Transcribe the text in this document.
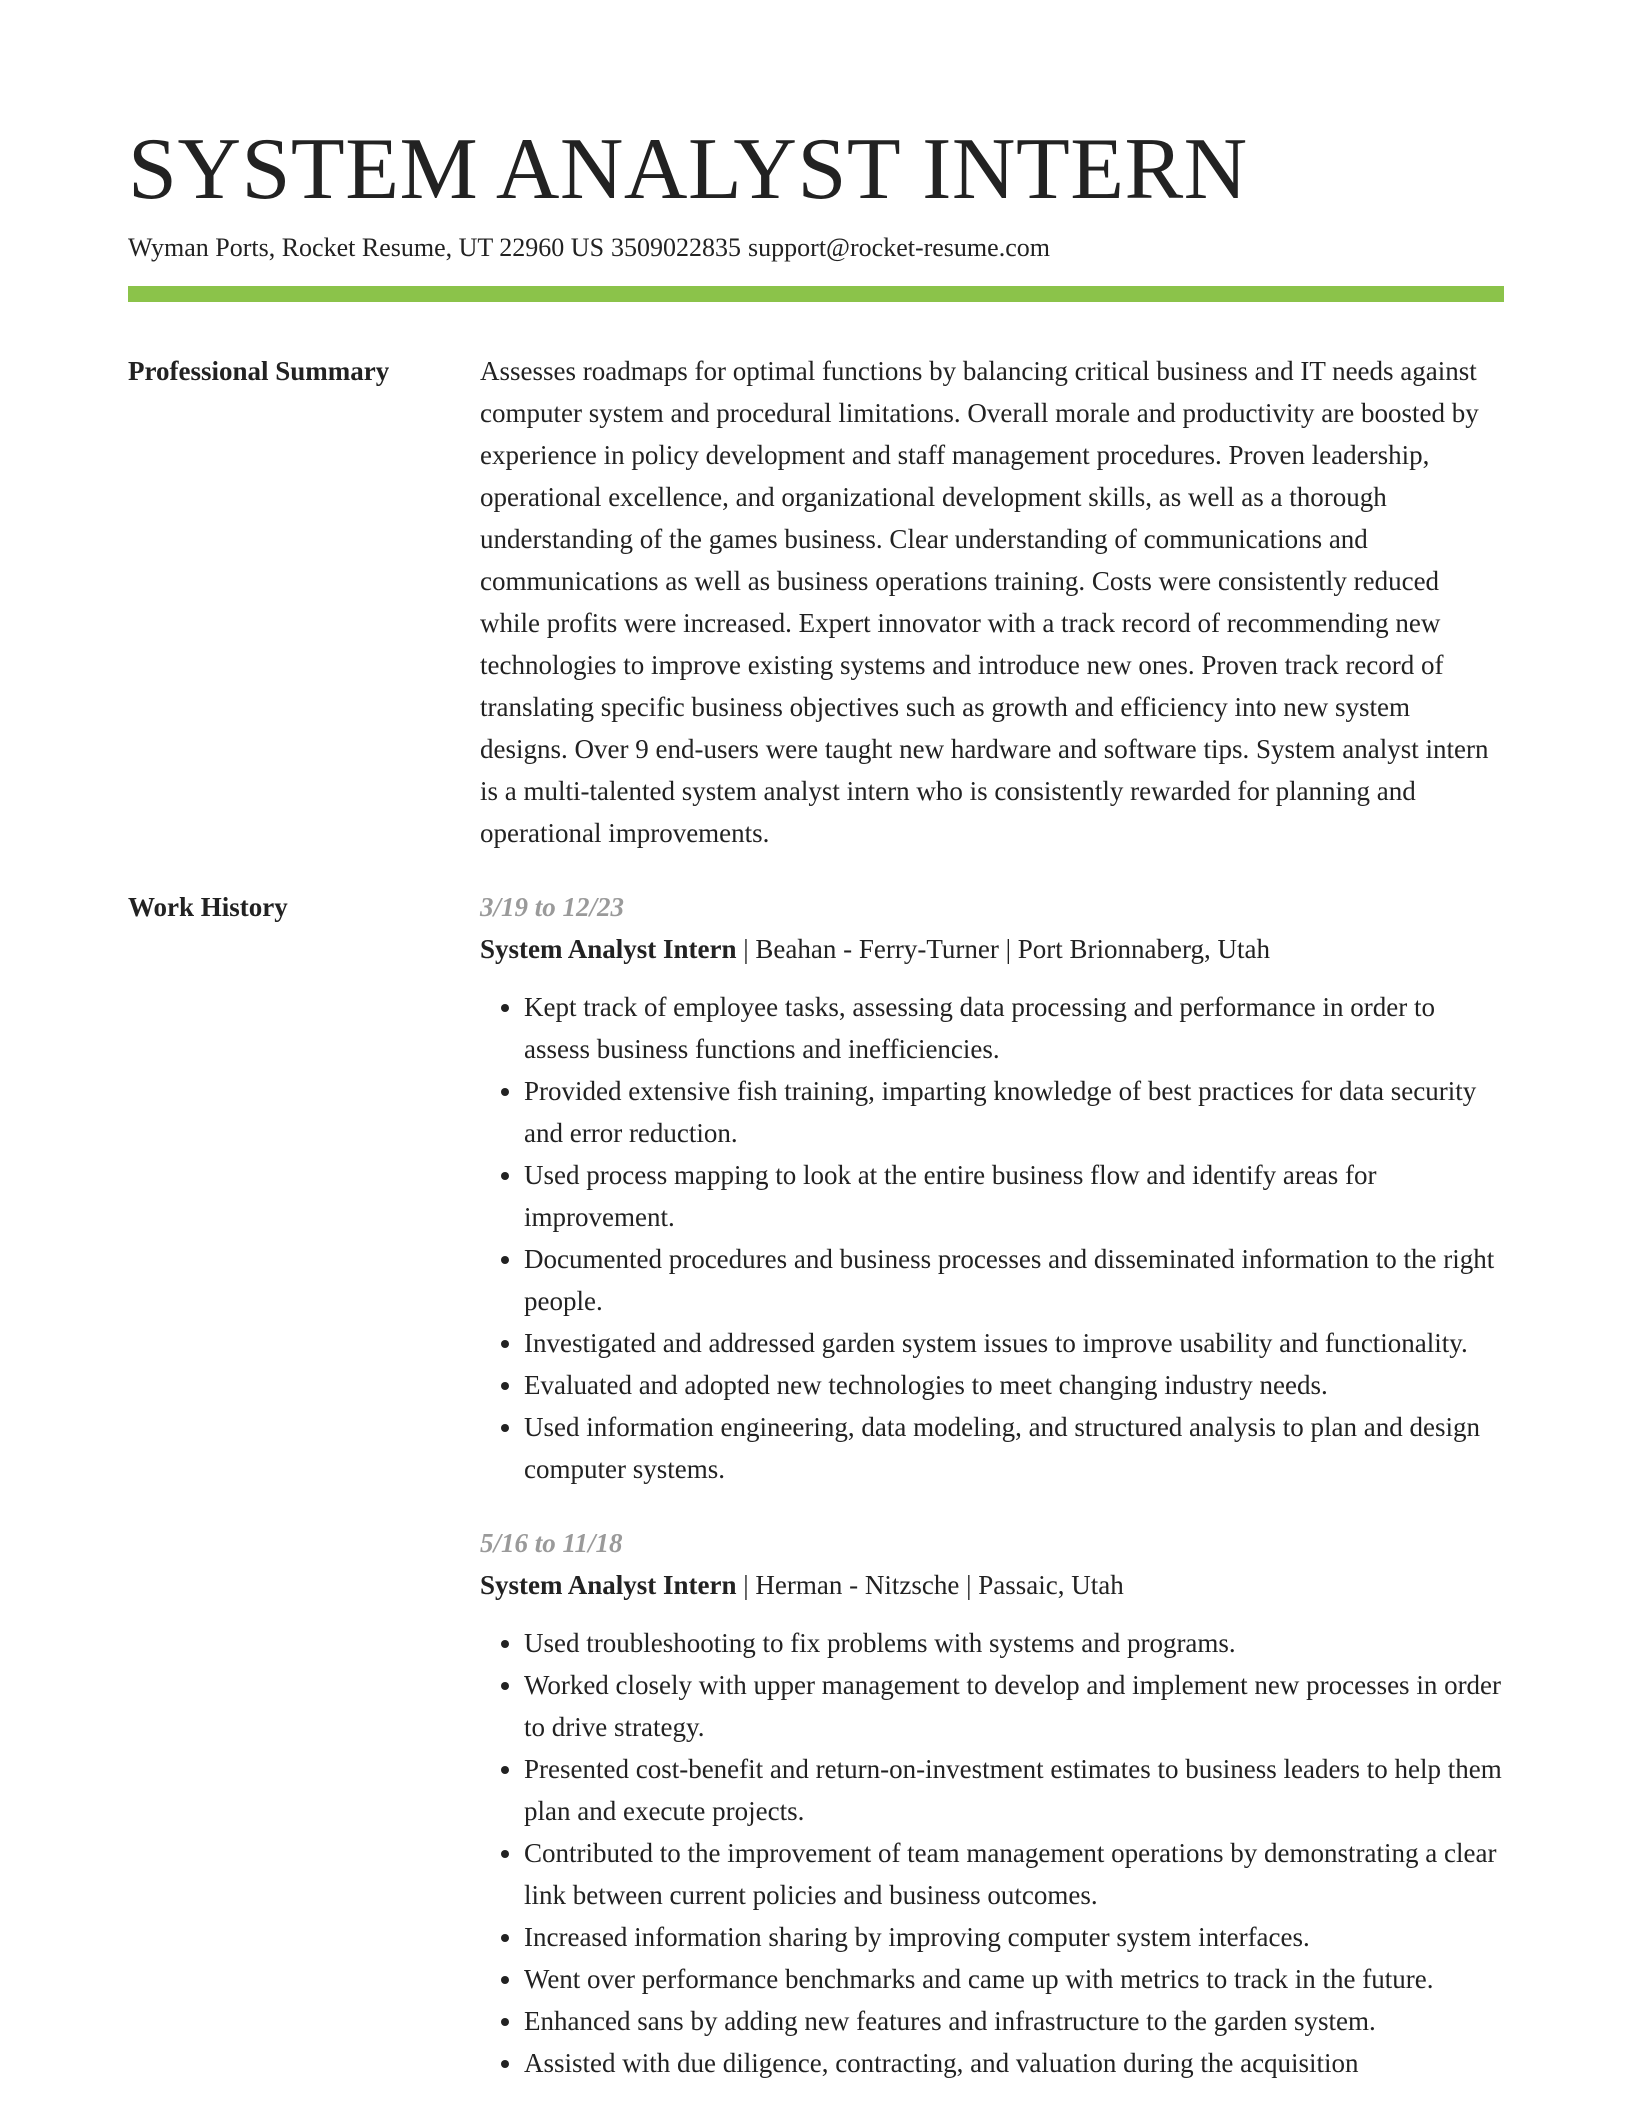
SYSTEM ANALYST INTERN
Wyman Ports, Rocket Resume, UT 22960 US 3509022835 support@rocket-resume.com
Professional Summary	Assesses roadmaps for optimal functions by balancing critical business and IT needs against computer system and procedural limitations. Overall morale and productivity are boosted by experience in policy development and staff management procedures. Proven leadership, operational excellence, and organizational development skills, as well as a thorough understanding of the games business. Clear understanding of communications and communications as well as business operations training. Costs were consistently reduced while profits were increased. Expert innovator with a track record of recommending new technologies to improve existing systems and introduce new ones. Proven track record of translating specific business objectives such as growth and efficiency into new system designs. Over 9 end-users were taught new hardware and software tips. System analyst intern is a multi-talented system analyst intern who is consistently rewarded for planning and operational improvements.

Work History	3/19 to 12/23
System Analyst Intern | Beahan - Ferry-Turner | Port Brionnaberg, Utah
• Kept track of employee tasks, assessing data processing and performance in order to assess business functions and inefficiencies.
• Provided extensive fish training, imparting knowledge of best practices for data security and error reduction.
• Used process mapping to look at the entire business flow and identify areas for improvement.
• Documented procedures and business processes and disseminated information to the right people.
• Investigated and addressed garden system issues to improve usability and functionality.
• Evaluated and adopted new technologies to meet changing industry needs.
• Used information engineering, data modeling, and structured analysis to plan and design computer systems.
5/16 to 11/18
System Analyst Intern | Herman - Nitzsche | Passaic, Utah
• Used troubleshooting to fix problems with systems and programs.
• Worked closely with upper management to develop and implement new processes in order to drive strategy.
• Presented cost-benefit and return-on-investment estimates to business leaders to help them plan and execute projects.
• Contributed to the improvement of team management operations by demonstrating a clear link between current policies and business outcomes.
• Increased information sharing by improving computer system interfaces.
• Went over performance benchmarks and came up with metrics to track in the future.
• Enhanced sans by adding new features and infrastructure to the garden system.
• Assisted with due diligence, contracting, and valuation during the acquisition
